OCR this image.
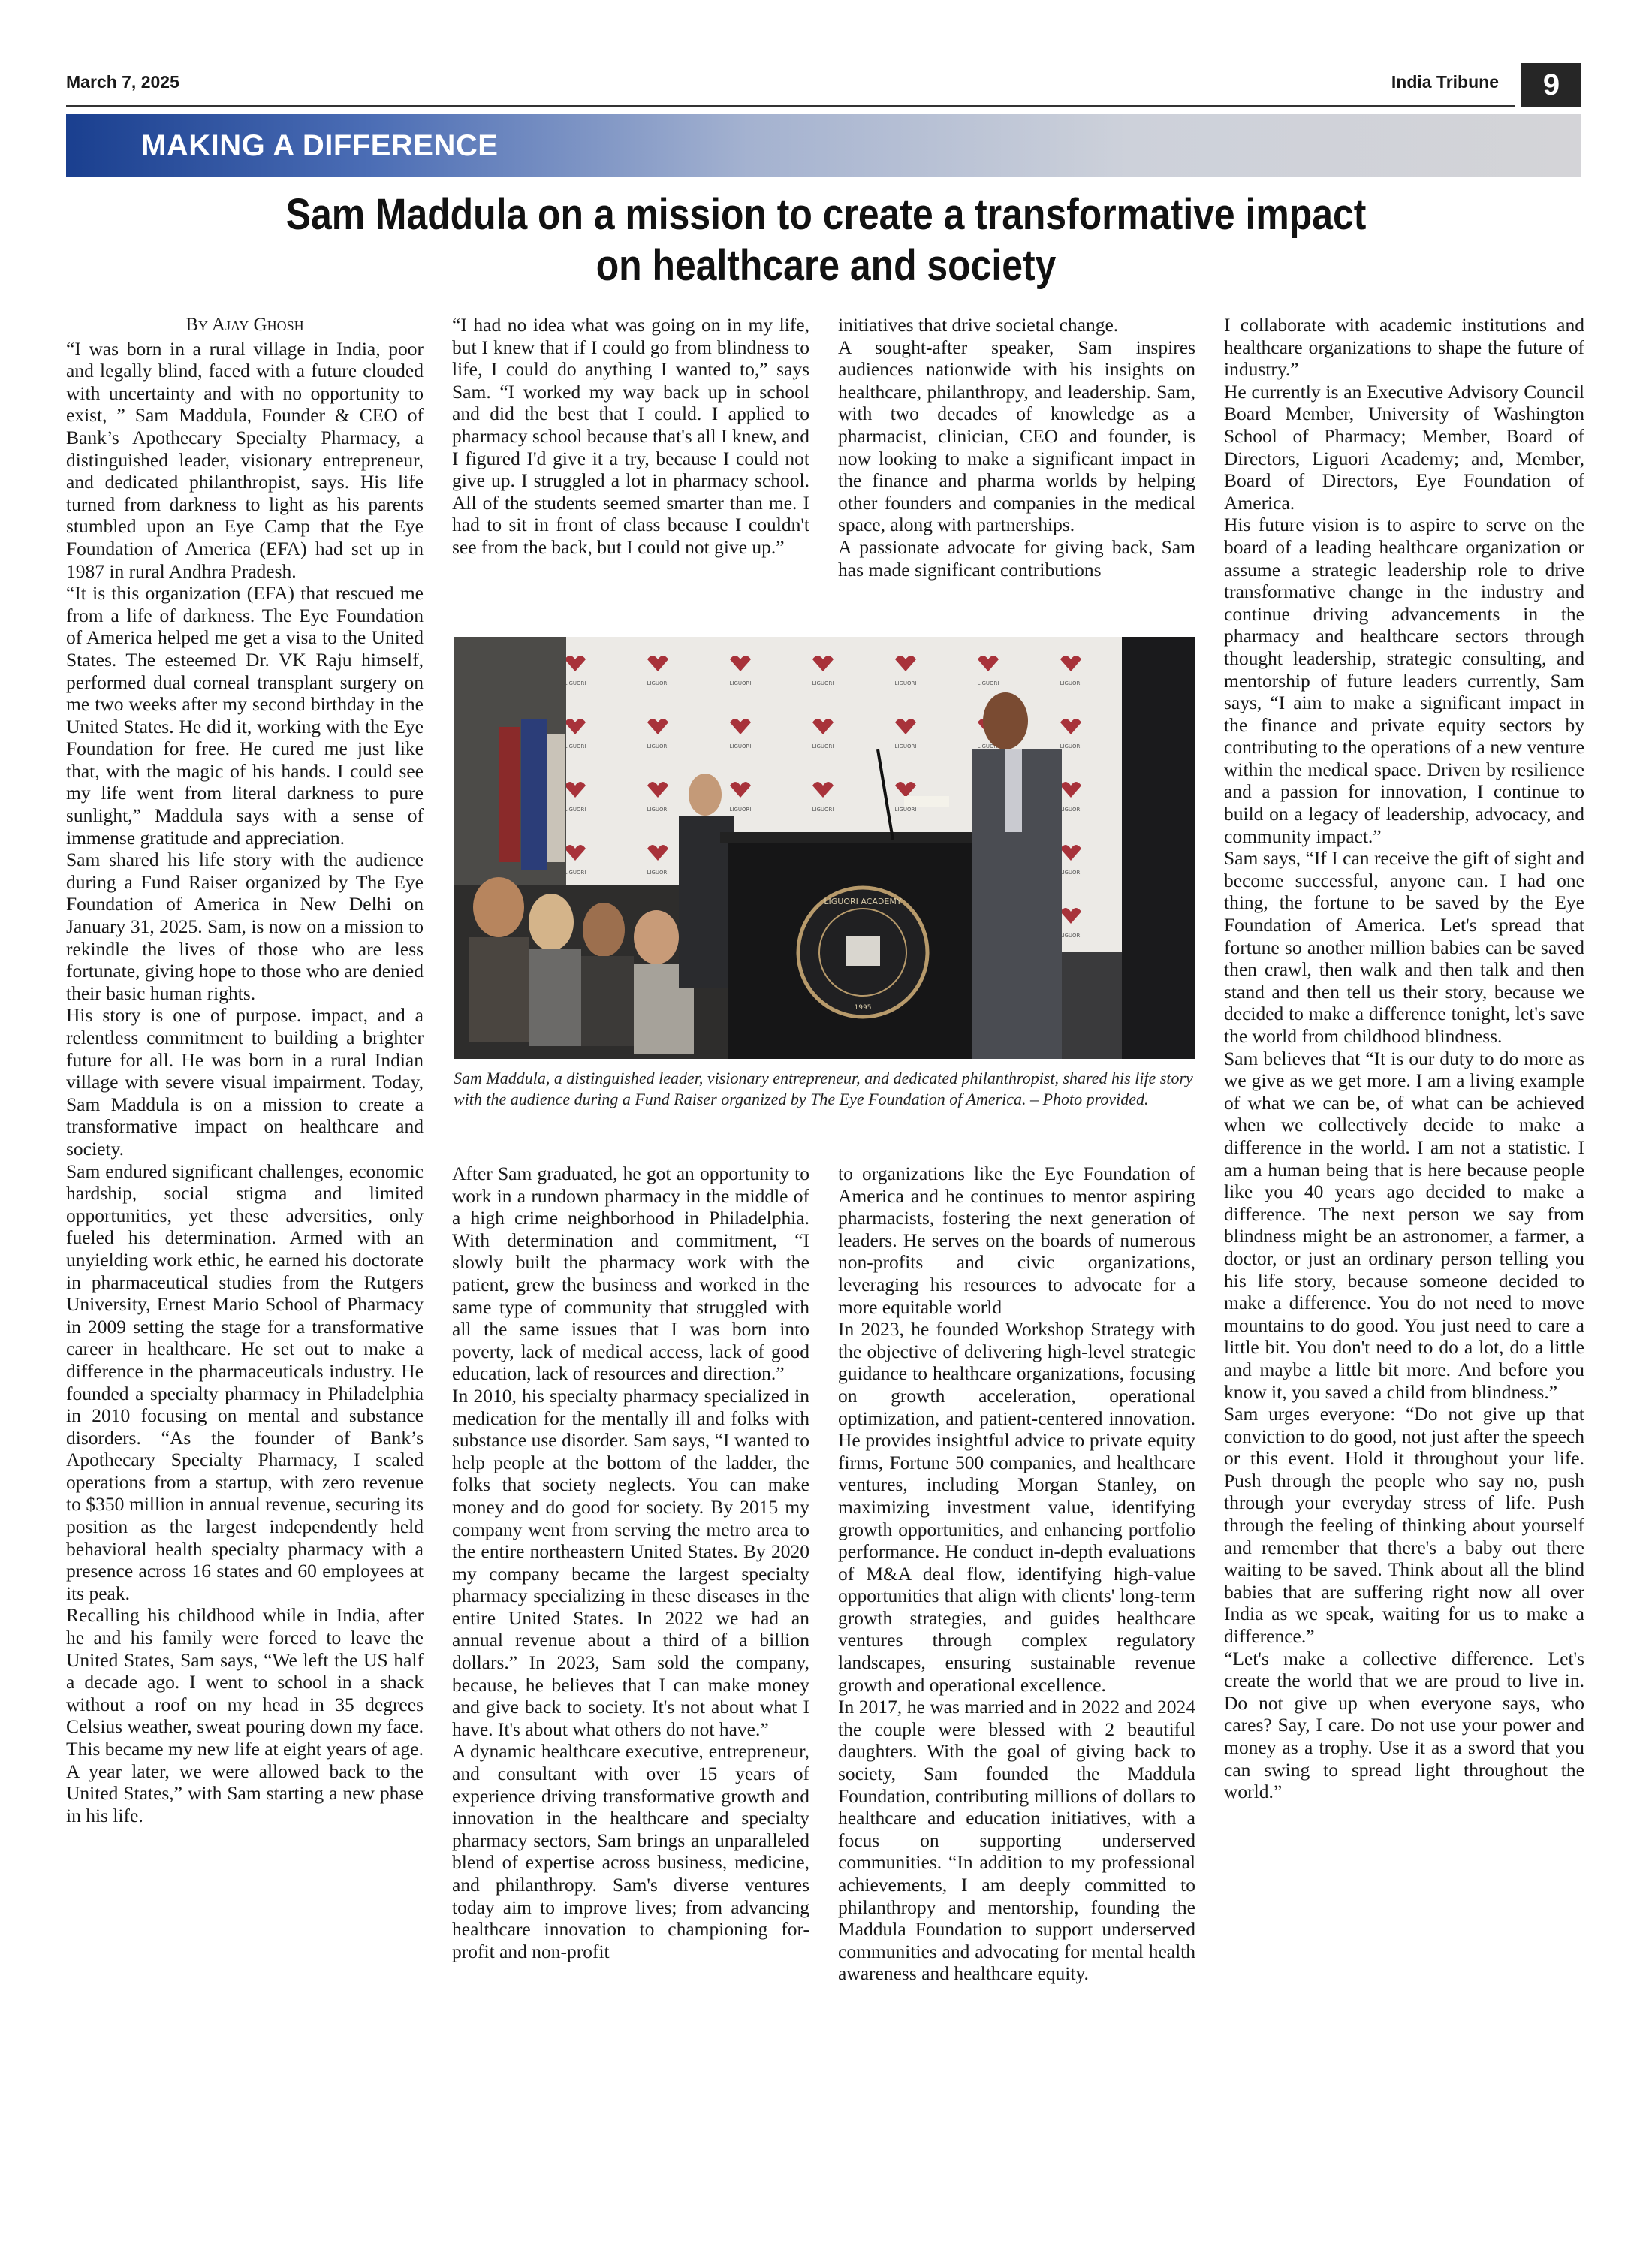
March 7, 2025	India Tribune	9
MAKING A DIFFERENCE
Sam Maddula on a mission to create a transformative impact on healthcare and society
By Ajay Ghosh

“I was born in a rural village in India, poor and legally blind, faced with a future clouded with uncertainty and with no opportunity to exist, ” Sam Maddula, Founder & CEO of Bank’s Apothecary Specialty Pharmacy, a distinguished leader, visionary entrepreneur, and dedicated philanthropist, says. His life turned from darkness to light as his parents stumbled upon an Eye Camp that the Eye Foundation of America (EFA) had set up in 1987 in rural Andhra Pradesh.

“It is this organization (EFA) that rescued me from a life of darkness. The Eye Foundation of America helped me get a visa to the United States. The esteemed Dr. VK Raju himself, performed dual corneal transplant surgery on me two weeks after my second birthday in the United States. He did it, working with the Eye Foundation for free. He cured me just like that, with the magic of his hands. I could see my life went from literal darkness to pure sunlight,” Maddula says with a sense of immense gratitude and appreciation.

Sam shared his life story with the audience during a Fund Raiser organized by The Eye Foundation of America in New Delhi on January 31, 2025. Sam, is now on a mission to rekindle the lives of those who are less fortunate, giving hope to those who are denied their basic human rights.

His story is one of purpose. impact, and a relentless commitment to building a brighter future for all. He was born in a rural Indian village with severe visual impairment. Today, Sam Maddula is on a mission to create a transformative impact on healthcare and society.

Sam endured significant challenges, economic hardship, social stigma and limited opportunities, yet these adversities, only fueled his determination. Armed with an unyielding work ethic, he earned his doctorate in pharmaceutical studies from the Rutgers University, Ernest Mario School of Pharmacy in 2009 setting the stage for a transformative career in healthcare. He set out to make a difference in the pharmaceuticals industry. He founded a specialty pharmacy in Philadelphia in 2010 focusing on mental and substance disorders. “As the founder of Bank’s Apothecary Specialty Pharmacy, I scaled operations from a startup, with zero revenue to $350 million in annual revenue, securing its position as the largest independently held behavioral health specialty pharmacy with a presence across 16 states and 60 employees at its peak.

Recalling his childhood while in India, after he and his family were forced to leave the United States, Sam says, “We left the US half a decade ago. I went to school in a shack without a roof on my head in 35 degrees Celsius weather, sweat pouring down my face. This became my new life at eight years of age. A year later, we were allowed back to the United States,” with Sam starting a new phase in his life.

“I had no idea what was going on in my life, but I knew that if I could go from blindness to life, I could do anything I wanted to,” says Sam. “I worked my way back up in school and did the best that I could. I applied to pharmacy school because that's all I knew, and I figured I'd give it a try, because I could not give up. I struggled a lot in pharmacy school. All of the students seemed smarter than me. I had to sit in front of class because I couldn't see from the back, but I could not give up.”

initiatives that drive societal change.

A sought-after speaker, Sam inspires audiences nationwide with his insights on healthcare, philanthropy, and leadership. Sam, with two decades of knowledge as a pharmacist, clinician, CEO and founder, is now looking to make a significant impact in the finance and pharma worlds by helping other founders and companies in the medical space, along with partnerships.

A passionate advocate for giving back, Sam has made significant contributions

LIGUORI ACADEMY
1995
Sam Maddula, a distinguished leader, visionary entrepreneur, and dedicated philanthropist, shared his life story with the audience during a Fund Raiser organized by The Eye Foundation of America. – Photo provided.

After Sam graduated, he got an opportunity to work in a rundown pharmacy in the middle of a high crime neighborhood in Philadelphia. With determination and commitment, “I slowly built the pharmacy work with the patient, grew the business and worked in the same type of community that struggled with all the same issues that I was born into poverty, lack of medical access, lack of good education, lack of resources and direction.”

In 2010, his specialty pharmacy specialized in medication for the mentally ill and folks with substance use disorder. Sam says, “I wanted to help people at the bottom of the ladder, the folks that society neglects. You can make money and do good for society. By 2015 my company went from serving the metro area to the entire northeastern United States. By 2020 my company became the largest specialty pharmacy specializing in these diseases in the entire United States. In 2022 we had an annual revenue about a third of a billion dollars.” In 2023, Sam sold the company, because, he believes that I can make money and give back to society. It's not about what I have. It's about what others do not have.”

A dynamic healthcare executive, entrepreneur, and consultant with over 15 years of experience driving transformative growth and innovation in the healthcare and specialty pharmacy sectors, Sam brings an unparalleled blend of expertise across business, medicine, and philanthropy. Sam's diverse ventures today aim to improve lives; from advancing healthcare innovation to championing for-profit and non-profit

to organizations like the Eye Foundation of America and he continues to mentor aspiring pharmacists, fostering the next generation of leaders. He serves on the boards of numerous non-profits and civic organizations, leveraging his resources to advocate for a more equitable world

In 2023, he founded Workshop Strategy with the objective of delivering high-level strategic guidance to healthcare organizations, focusing on growth acceleration, operational optimization, and patient-centered innovation. He provides insightful advice to private equity firms, Fortune 500 companies, and healthcare ventures, including Morgan Stanley, on maximizing investment value, identifying growth opportunities, and enhancing portfolio performance. He conduct in-depth evaluations of M&A deal flow, identifying high-value opportunities that align with clients' long-term growth strategies, and guides healthcare ventures through complex regulatory landscapes, ensuring sustainable revenue growth and operational excellence.

In 2017, he was married and in 2022 and 2024 the couple were blessed with 2 beautiful daughters. With the goal of giving back to society, Sam founded the Maddula Foundation, contributing millions of dollars to healthcare and education initiatives, with a focus on supporting underserved communities. “In addition to my professional achievements, I am deeply committed to philanthropy and mentorship, founding the Maddula Foundation to support underserved communities and advocating for mental health awareness and healthcare equity.

I collaborate with academic institutions and healthcare organizations to shape the future of industry.”

He currently is an Executive Advisory Council Board Member, University of Washington School of Pharmacy; Member, Board of Directors, Liguori Academy; and, Member, Board of Directors, Eye Foundation of America.

His future vision is to aspire to serve on the board of a leading healthcare organization or assume a strategic leadership role to drive transformative change in the industry and continue driving advancements in the pharmacy and healthcare sectors through thought leadership, strategic consulting, and mentorship of future leaders currently, Sam says, “I aim to make a significant impact in the finance and private equity sectors by contributing to the operations of a new venture within the medical space. Driven by resilience and a passion for innovation, I continue to build on a legacy of leadership, advocacy, and community impact.”

Sam says, “If I can receive the gift of sight and become successful, anyone can. I had one thing, the fortune to be saved by the Eye Foundation of America. Let's spread that fortune so another million babies can be saved then crawl, then walk and then talk and then stand and then tell us their story, because we decided to make a difference tonight, let's save the world from childhood blindness.

Sam believes that “It is our duty to do more as we give as we get more. I am a living example of what we can be, of what can be achieved when we collectively decide to make a difference in the world. I am not a statistic. I am a human being that is here because people like you 40 years ago decided to make a difference. The next person we say from blindness might be an astronomer, a farmer, a doctor, or just an ordinary person telling you his life story, because someone decided to make a difference. You do not need to move mountains to do good. You just need to care a little bit. You don't need to do a lot, do a little and maybe a little bit more. And before you know it, you saved a child from blindness.”

Sam urges everyone: “Do not give up that conviction to do good, not just after the speech or this event. Hold it throughout your life. Push through the people who say no, push through your everyday stress of life. Push through the feeling of thinking about yourself and remember that there's a baby out there waiting to be saved. Think about all the blind babies that are suffering right now all over India as we speak, waiting for us to make a difference.”

“Let's make a collective difference. Let's create the world that we are proud to live in. Do not give up when everyone says, who cares? Say, I care. Do not use your power and money as a trophy. Use it as a sword that you can swing to spread light throughout the world.”
